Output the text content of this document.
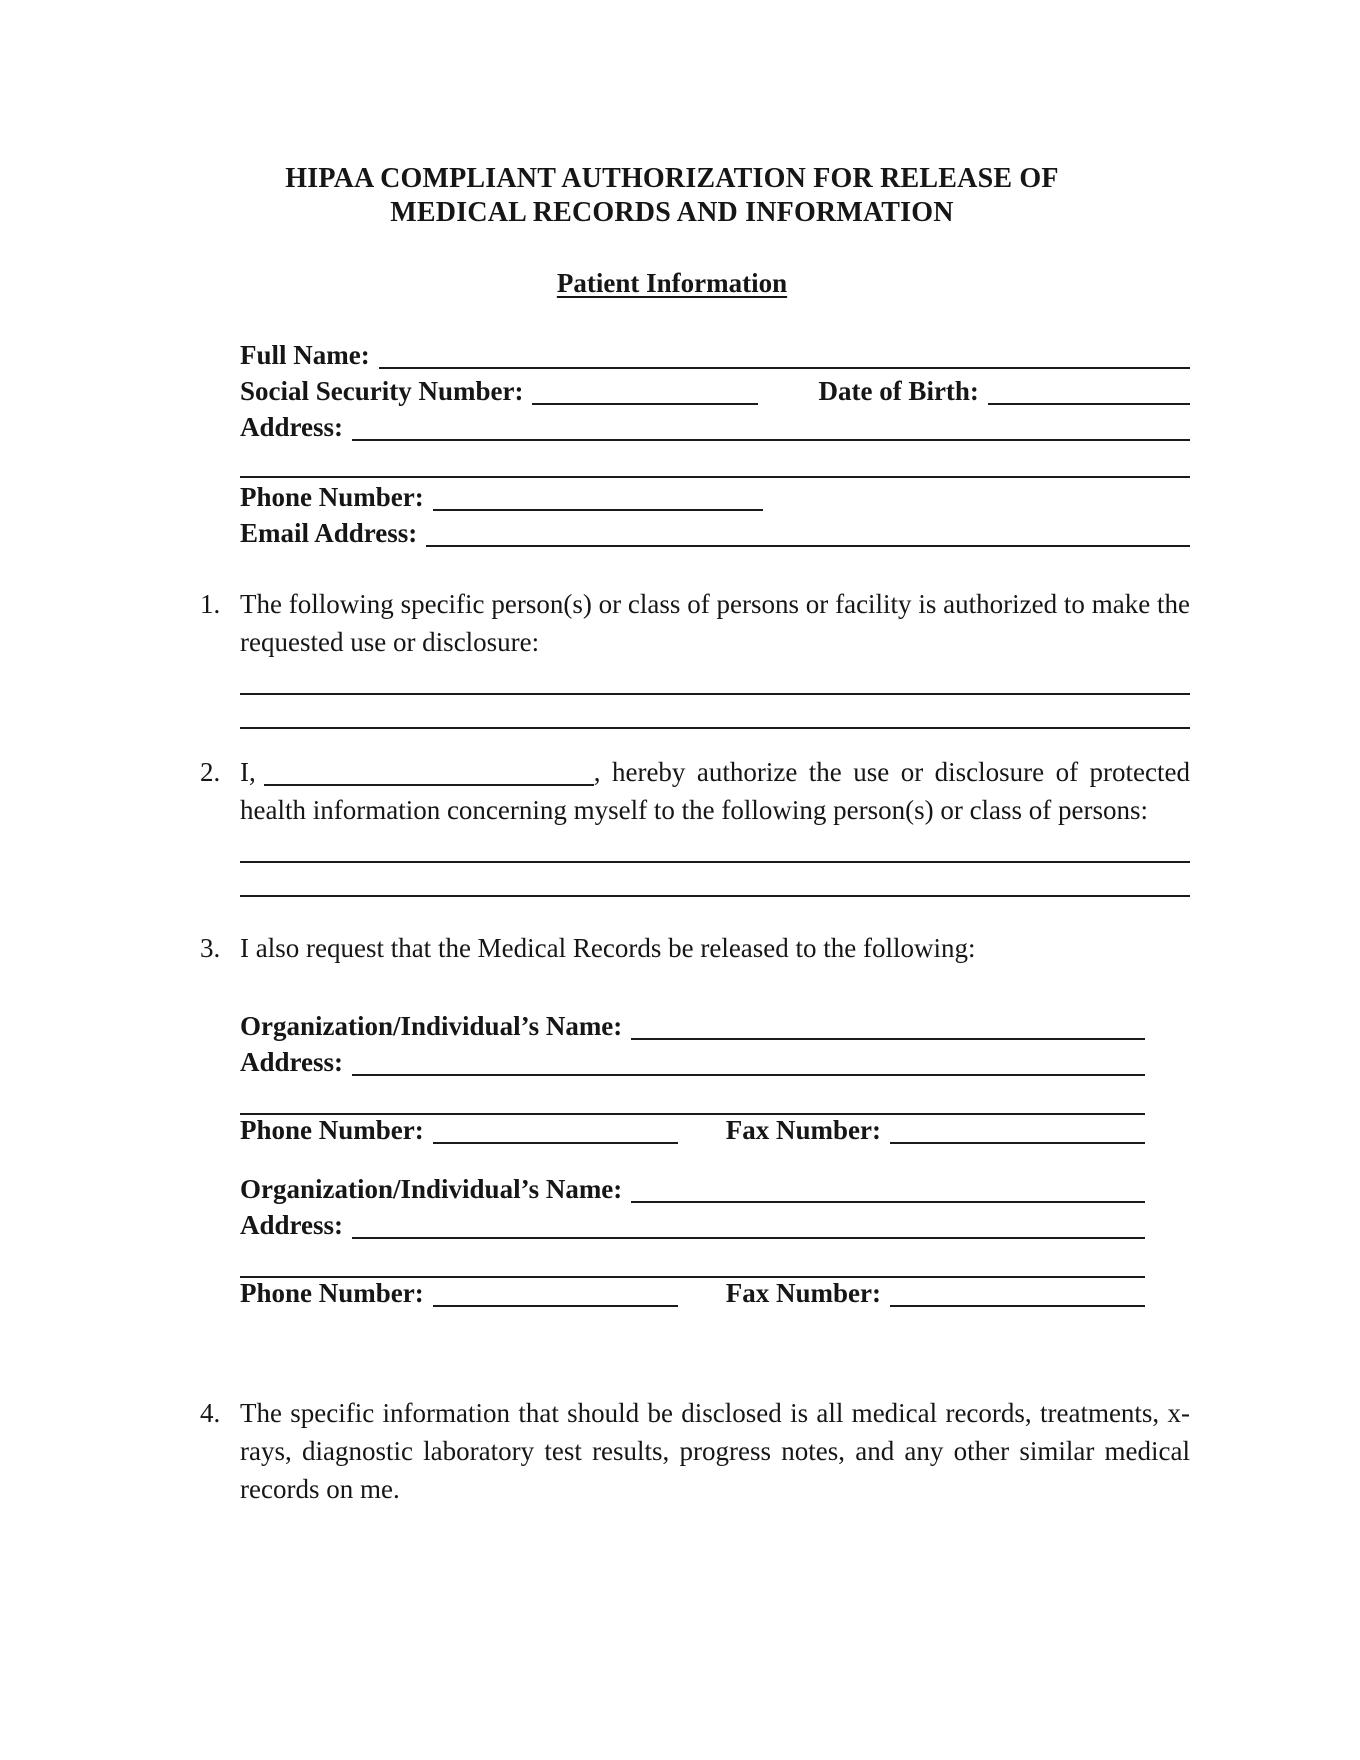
HIPAA COMPLIANT AUTHORIZATION FOR RELEASE OF
MEDICAL RECORDS AND INFORMATION
Patient Information
Full Name:
Social Security Number:	Date of Birth:
Address:
Phone Number:
Email Address:
1. The following specific person(s) or class of persons or facility is authorized to make the requested use or disclosure:
2. I,	, hereby authorize the use or disclosure of protected health information concerning myself to the following person(s) or class of persons:
3. I also request that the Medical Records be released to the following:
Organization/Individual’s Name:
Address:
Phone Number:	Fax Number:
Organization/Individual’s Name:
Address:
Phone Number:	Fax Number:
4. The specific information that should be disclosed is all medical records, treatments, x-rays, diagnostic laboratory test results, progress notes, and any other similar medical records on me.
